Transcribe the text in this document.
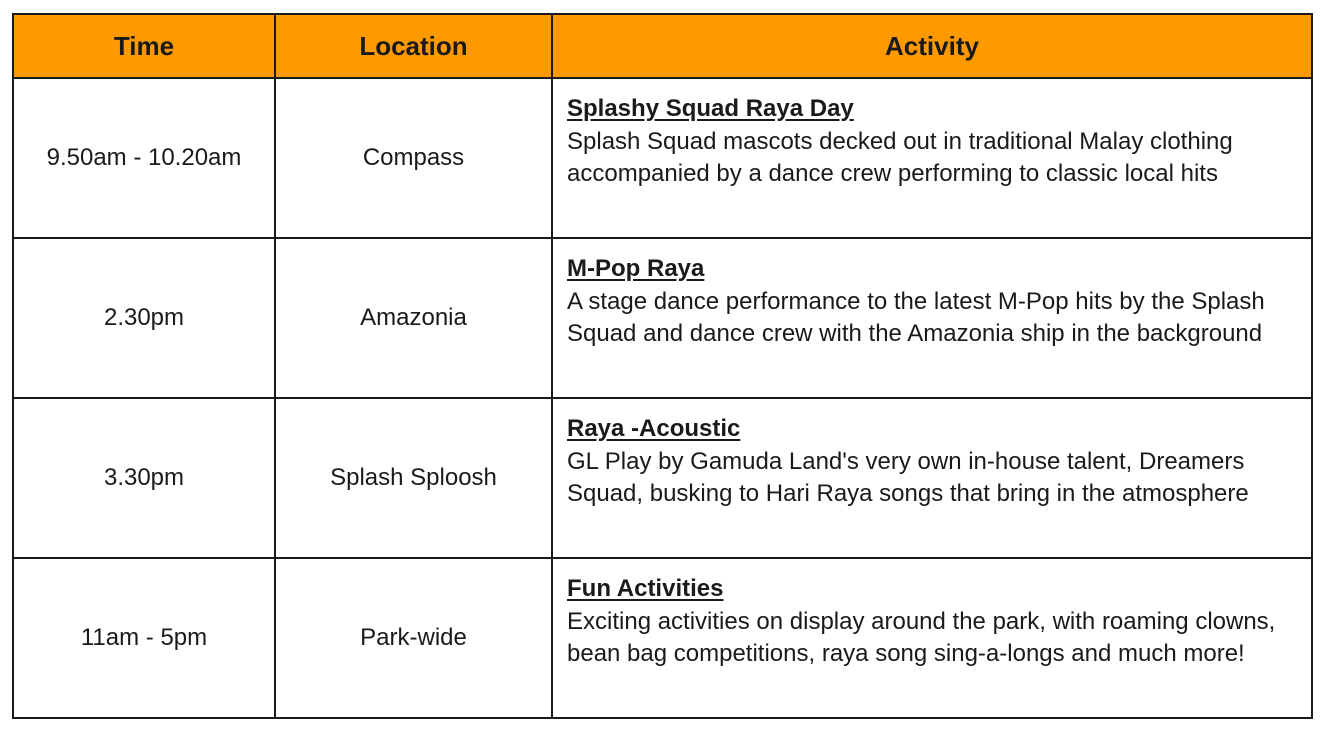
Time	Location	Activity
9.50am - 10.20am	Compass	Splashy Squad Raya Day
Splash Squad mascots decked out in traditional Malay clothing accompanied by a dance crew performing to classic local hits

2.30pm	Amazonia	M-Pop Raya
A stage dance performance to the latest M-Pop hits by the Splash Squad and dance crew with the Amazonia ship in the background

3.30pm	Splash Sploosh	Raya -Acoustic
GL Play by Gamuda Land's very own in-house talent, Dreamers Squad, busking to Hari Raya songs that bring in the atmosphere

11am - 5pm	Park-wide	Fun Activities
Exciting activities on display around the park, with roaming clowns, bean bag competitions, raya song sing-a-longs and much more!
